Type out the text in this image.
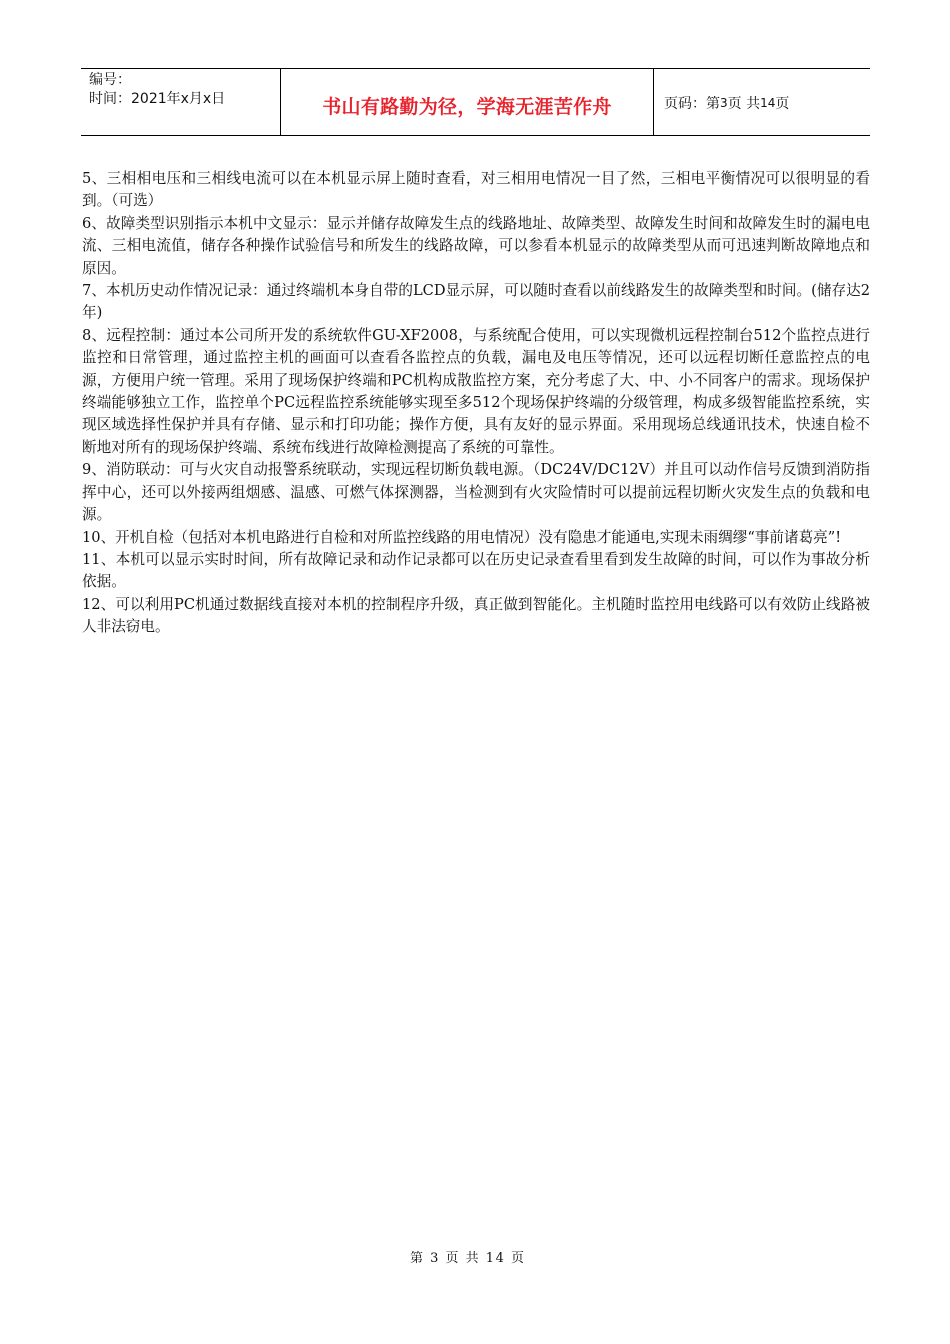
编号：
时间：2021年x月x日	书山有路勤为径，学海无涯苦作舟	页码：第 3 页 共 14 页

5、三相相电压和三相线电流可以在本机显示屏上随时查看，对三相用电情况一目了然，三相电平衡情况可以很明显的看到。（可选）

6、故障类型识别指示本机中文显示：显示并储存故障发生点的线路地址、故障类型、故障发生时间和故障发生时的漏电电流、三相电流值，储存各种操作试验信号和所发生的线路故障，可以参看本机显示的故障类型从而可迅速判断故障地点和原因。

7、本机历史动作情况记录：通过终端机本身自带的LCD显示屏，可以随时查看以前线路发生的故障类型和时间。(储存达2年)

8、远程控制：通过本公司所开发的系统软件GU-XF2008，与系统配合使用，可以实现微机远程控制台512个监控点进行监控和日常管理，通过监控主机的画面可以查看各监控点的负载，漏电及电压等情况，还可以远程切断任意监控点的电源，方便用户统一管理。采用了现场保护终端和PC机构成散监控方案，充分考虑了大、中、小不同客户的需求。现场保护终端能够独立工作，监控单个PC远程监控系统能够实现至多512个现场保护终端的分级管理，构成多级智能监控系统，实现区域选择性保护并具有存储、显示和打印功能；操作方便，具有友好的显示界面。采用现场总线通讯技术，快速自检不断地对所有的现场保护终端、系统布线进行故障检测提高了系统的可靠性。

9、消防联动：可与火灾自动报警系统联动，实现远程切断负载电源。（DC24V/DC12V）并且可以动作信号反馈到消防指挥中心，还可以外接两组烟感、温感、可燃气体探测器，当检测到有火灾险情时可以提前远程切断火灾发生点的负载和电源。

10、开机自检（包括对本机电路进行自检和对所监控线路的用电情况）没有隐患才能通电,实现未雨绸缪“事前诸葛亮”!

11、本机可以显示实时时间，所有故障记录和动作记录都可以在历史记录查看里看到发生故障的时间，可以作为事故分析依据。

12、可以利用PC机通过数据线直接对本机的控制程序升级，真正做到智能化。主机随时监控用电线路可以有效防止线路被人非法窃电。

第 3 页 共 14 页
